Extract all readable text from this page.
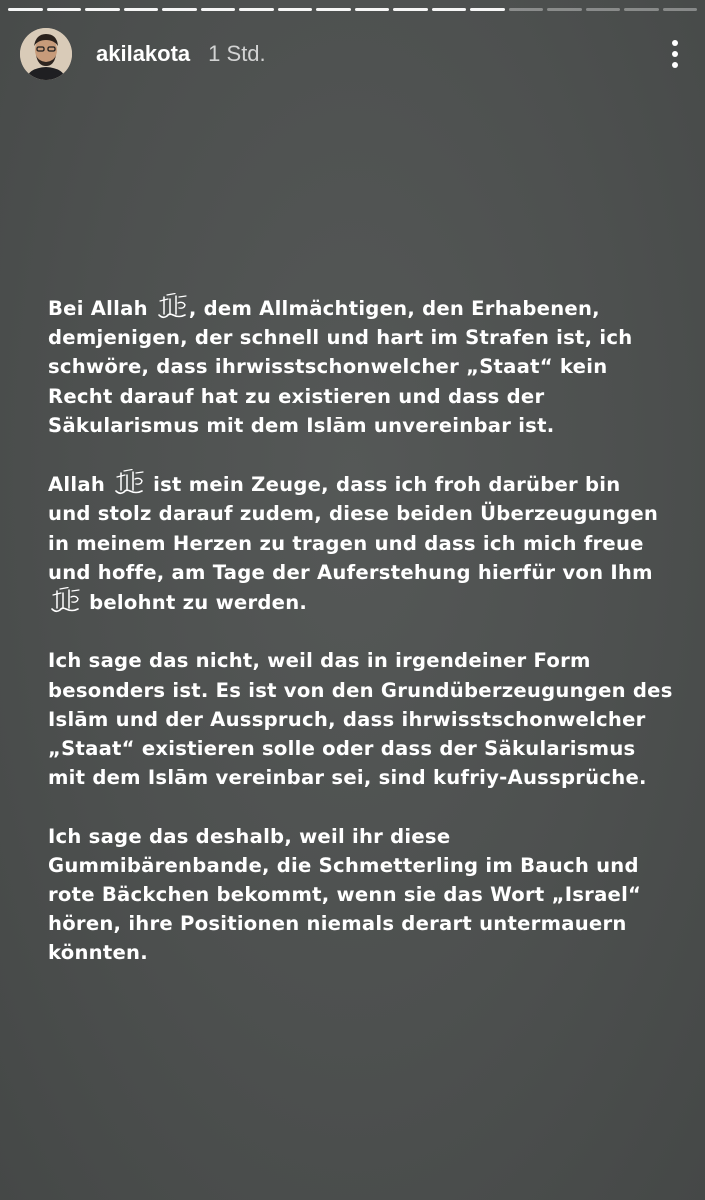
akilakota 1 Std.

Bei Allah
, dem Allmächtigen, den Erhabenen,
demjenigen, der schnell und hart im Strafen ist, ich
schwöre, dass ihrwisstschonwelcher „Staat“ kein
Recht darauf hat zu existieren und dass der
Säkularismus mit dem Islām unvereinbar ist.

Allah
ist mein Zeuge, dass ich froh darüber bin
und stolz darauf zudem, diese beiden Überzeugungen
in meinem Herzen zu tragen und dass ich mich freue
und hoffe, am Tage der Auferstehung hierfür von Ihm
belohnt zu werden.

Ich sage das nicht, weil das in irgendeiner Form
besonders ist. Es ist von den Grundüberzeugungen des
Islām und der Ausspruch, dass ihrwisstschonwelcher
„Staat“ existieren solle oder dass der Säkularismus
mit dem Islām vereinbar sei, sind kufriy-Aussprüche.

Ich sage das deshalb, weil ihr diese
Gummibärenbande, die Schmetterling im Bauch und
rote Bäckchen bekommt, wenn sie das Wort „Israel“
hören, ihre Positionen niemals derart untermauern
könnten.
